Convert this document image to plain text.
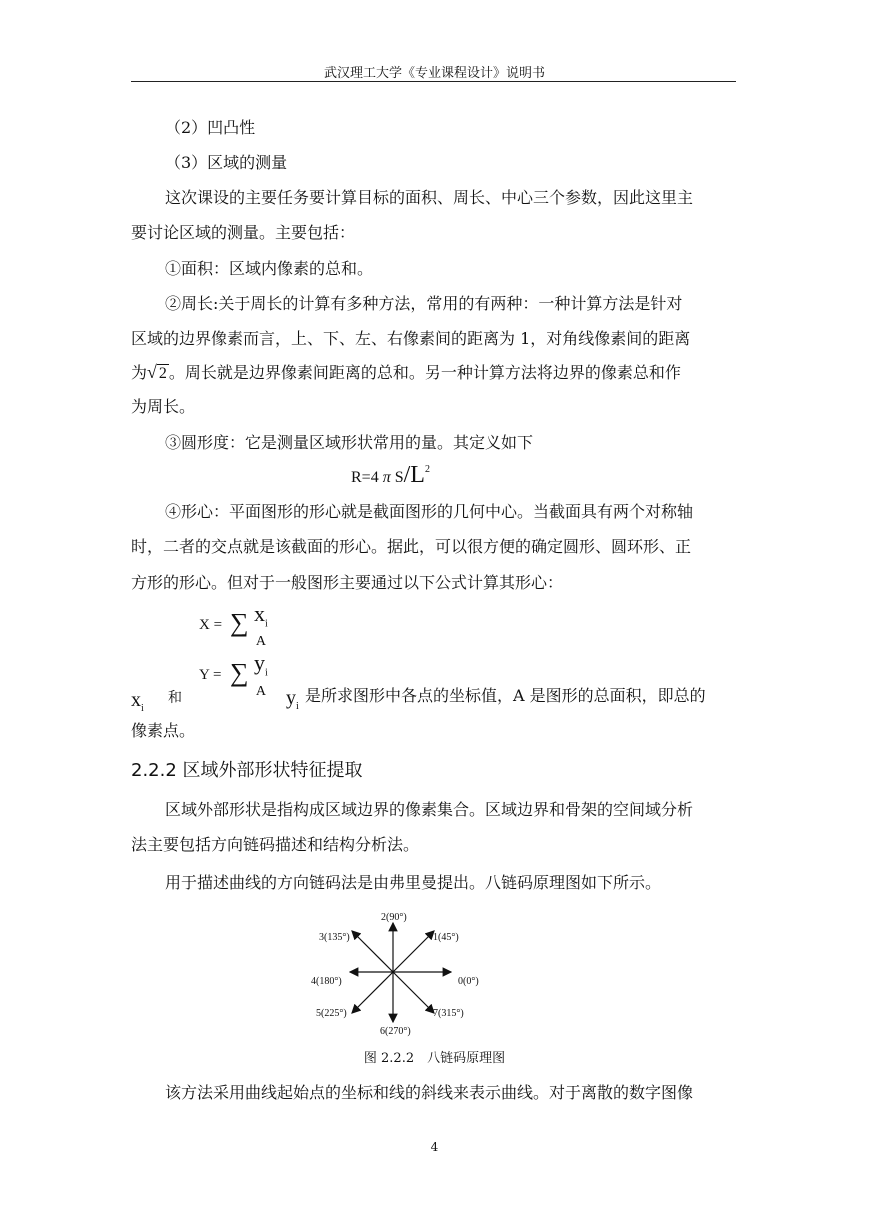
武汉理工大学《专业课程设计》说明书
（2）凹凸性
（3）区域的测量
这次课设的主要任务要计算目标的面积、周长、中心三个参数，因此这里主
要讨论区域的测量。主要包括：
①面积：区域内像素的总和。
②周长:关于周长的计算有多种方法，常用的有两种：一种计算方法是针对
区域的边界像素而言，上、下、左、右像素间的距离为 1，对角线像素间的距离
为√ 2 。周长就是边界像素间距离的总和。另一种计算方法将边界的像素总和作
为周长。
③圆形度：它是测量区域形状常用的量。其定义如下
R=4 π $S/L^2$
④形心：平面图形的形心就是截面图形的几何中心。当截面具有两个对称轴
时，二者的交点就是该截面的形心。据此，可以很方便的确定圆形、圆环形、正
方形的形心。但对于一般图形主要通过以下公式计算其形心：
X = ∑ $x_i$
A
Y = ∑ $y_i$
A
$x_i$
和	$y_i$
是所求图形中各点的坐标值，A 是图形的总面积，即总的
像素点。
2.2.2 区域外部形状特征提取
区域外部形状是指构成区域边界的像素集合。区域边界和骨架的空间域分析
法主要包括方向链码描述和结构分析法。
用于描述曲线的方向链码法是由弗里曼提出。八链码原理图如下所示。
0(0°)
1(45°)
2(90°)
3(135°)
4(180°)
5(225°)
6(270°)
7(315°)
图 2.2.2　八链码原理图
该方法采用曲线起始点的坐标和线的斜线来表示曲线。对于离散的数字图像
4
